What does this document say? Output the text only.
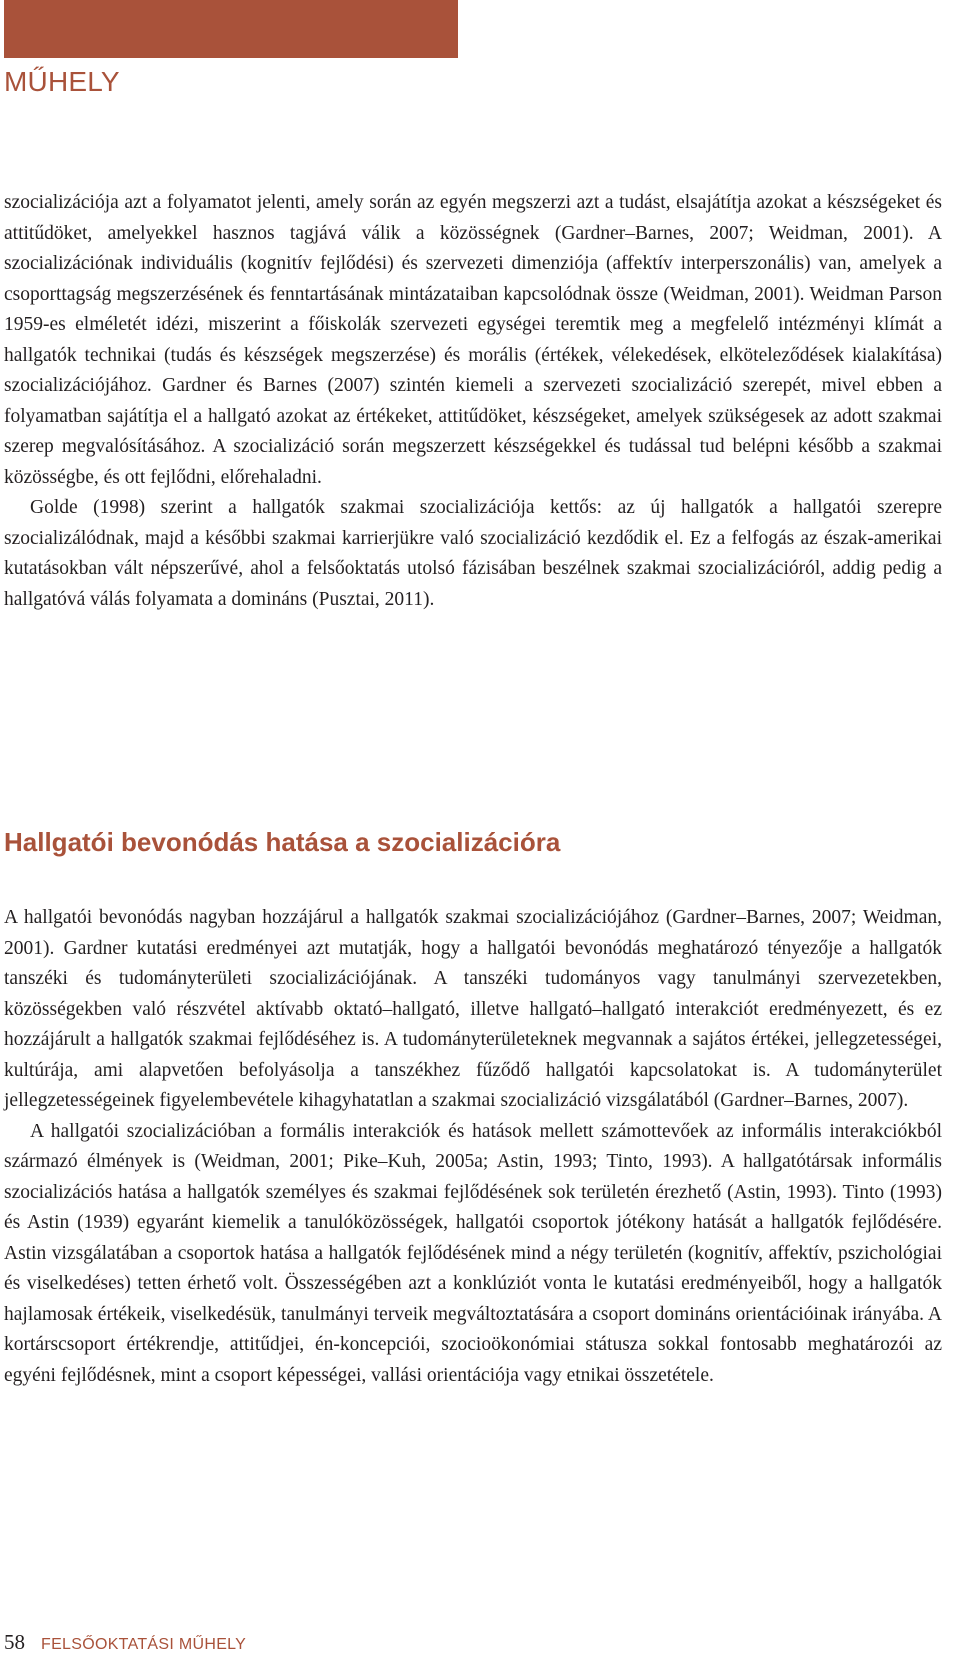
MŰHELY

szocializációja azt a folyamatot jelenti, amely során az egyén megszerzi azt a tudást, elsajátítja azokat a készségeket és attitűdöket, amelyekkel hasznos tagjává válik a közösségnek (Gardner–Barnes, 2007; Weidman, 2001). A szocializációnak individuális (kognitív fejlődési) és szervezeti dimenziója (affektív interperszonális) van, amelyek a csoporttagság megszerzésének és fenntartásának mintázataiban kapcsolódnak össze (Weidman, 2001). Weidman Parson 1959-es elméletét idézi, miszerint a főiskolák szervezeti egységei teremtik meg a megfelelő intézményi klímát a hallgatók technikai (tudás és készségek megszerzése) és morális (értékek, vélekedések, elköteleződések kialakítása) szocializációjához. Gardner és Barnes (2007) szintén kiemeli a szervezeti szocializáció szerepét, mivel ebben a folyamatban sajátítja el a hallgató azokat az értékeket, attitűdöket, készségeket, amelyek szükségesek az adott szakmai szerep megvalósításához. A szocializáció során megszerzett készségekkel és tudással tud belépni később a szakmai közösségbe, és ott fejlődni, előrehaladni.

Golde (1998) szerint a hallgatók szakmai szocializációja kettős: az új hallgatók a hallgatói szerepre szocializálódnak, majd a későbbi szakmai karrierjükre való szocializáció kezdődik el. Ez a felfogás az észak-amerikai kutatásokban vált népszerűvé, ahol a felsőoktatás utolsó fázisában beszélnek szakmai szocializációról, addig pedig a hallgatóvá válás folyamata a domináns (Pusztai, 2011).

Hallgatói bevonódás hatása a szocializációra

A hallgatói bevonódás nagyban hozzájárul a hallgatók szakmai szocializációjához (Gardner–Barnes, 2007; Weidman, 2001). Gardner kutatási eredményei azt mutatják, hogy a hallgatói bevonódás meghatározó tényezője a hallgatók tanszéki és tudományterületi szocializációjának. A tanszéki tudományos vagy tanulmányi szervezetekben, közösségekben való részvétel aktívabb oktató–hallgató, illetve hallgató–hallgató interakciót eredményezett, és ez hozzájárult a hallgatók szakmai fejlődéséhez is. A tudományterületeknek megvannak a sajátos értékei, jellegzetességei, kultúrája, ami alapvetően befolyásolja a tanszékhez fűződő hallgatói kapcsolatokat is. A tudományterület jellegzetességeinek figyelembevétele kihagyhatatlan a szakmai szocializáció vizsgálatából (Gardner–Barnes, 2007).

A hallgatói szocializációban a formális interakciók és hatások mellett számottevőek az informális interakciókból származó élmények is (Weidman, 2001; Pike–Kuh, 2005a; Astin, 1993; Tinto, 1993). A hallgatótársak informális szocializációs hatása a hallgatók személyes és szakmai fejlődésének sok területén érezhető (Astin, 1993). Tinto (1993) és Astin (1939) egyaránt kiemelik a tanulóközösségek, hallgatói csoportok jótékony hatását a hallgatók fejlődésére. Astin vizsgálatában a csoportok hatása a hallgatók fejlődésének mind a négy területén (kognitív, affektív, pszichológiai és viselkedéses) tetten érhető volt. Összességében azt a konklúziót vonta le kutatási eredményeiből, hogy a hallgatók hajlamosak értékeik, viselkedésük, tanulmányi terveik megváltoztatására a csoport domináns orientációinak irányába. A kortárscsoport értékrendje, attitűdjei, én-koncepciói, szocioökonómiai státusza sokkal fontosabb meghatározói az egyéni fejlődésnek, mint a csoport képességei, vallási orientációja vagy etnikai összetétele.

58 FELSŐOKTATÁSI MŰHELY
